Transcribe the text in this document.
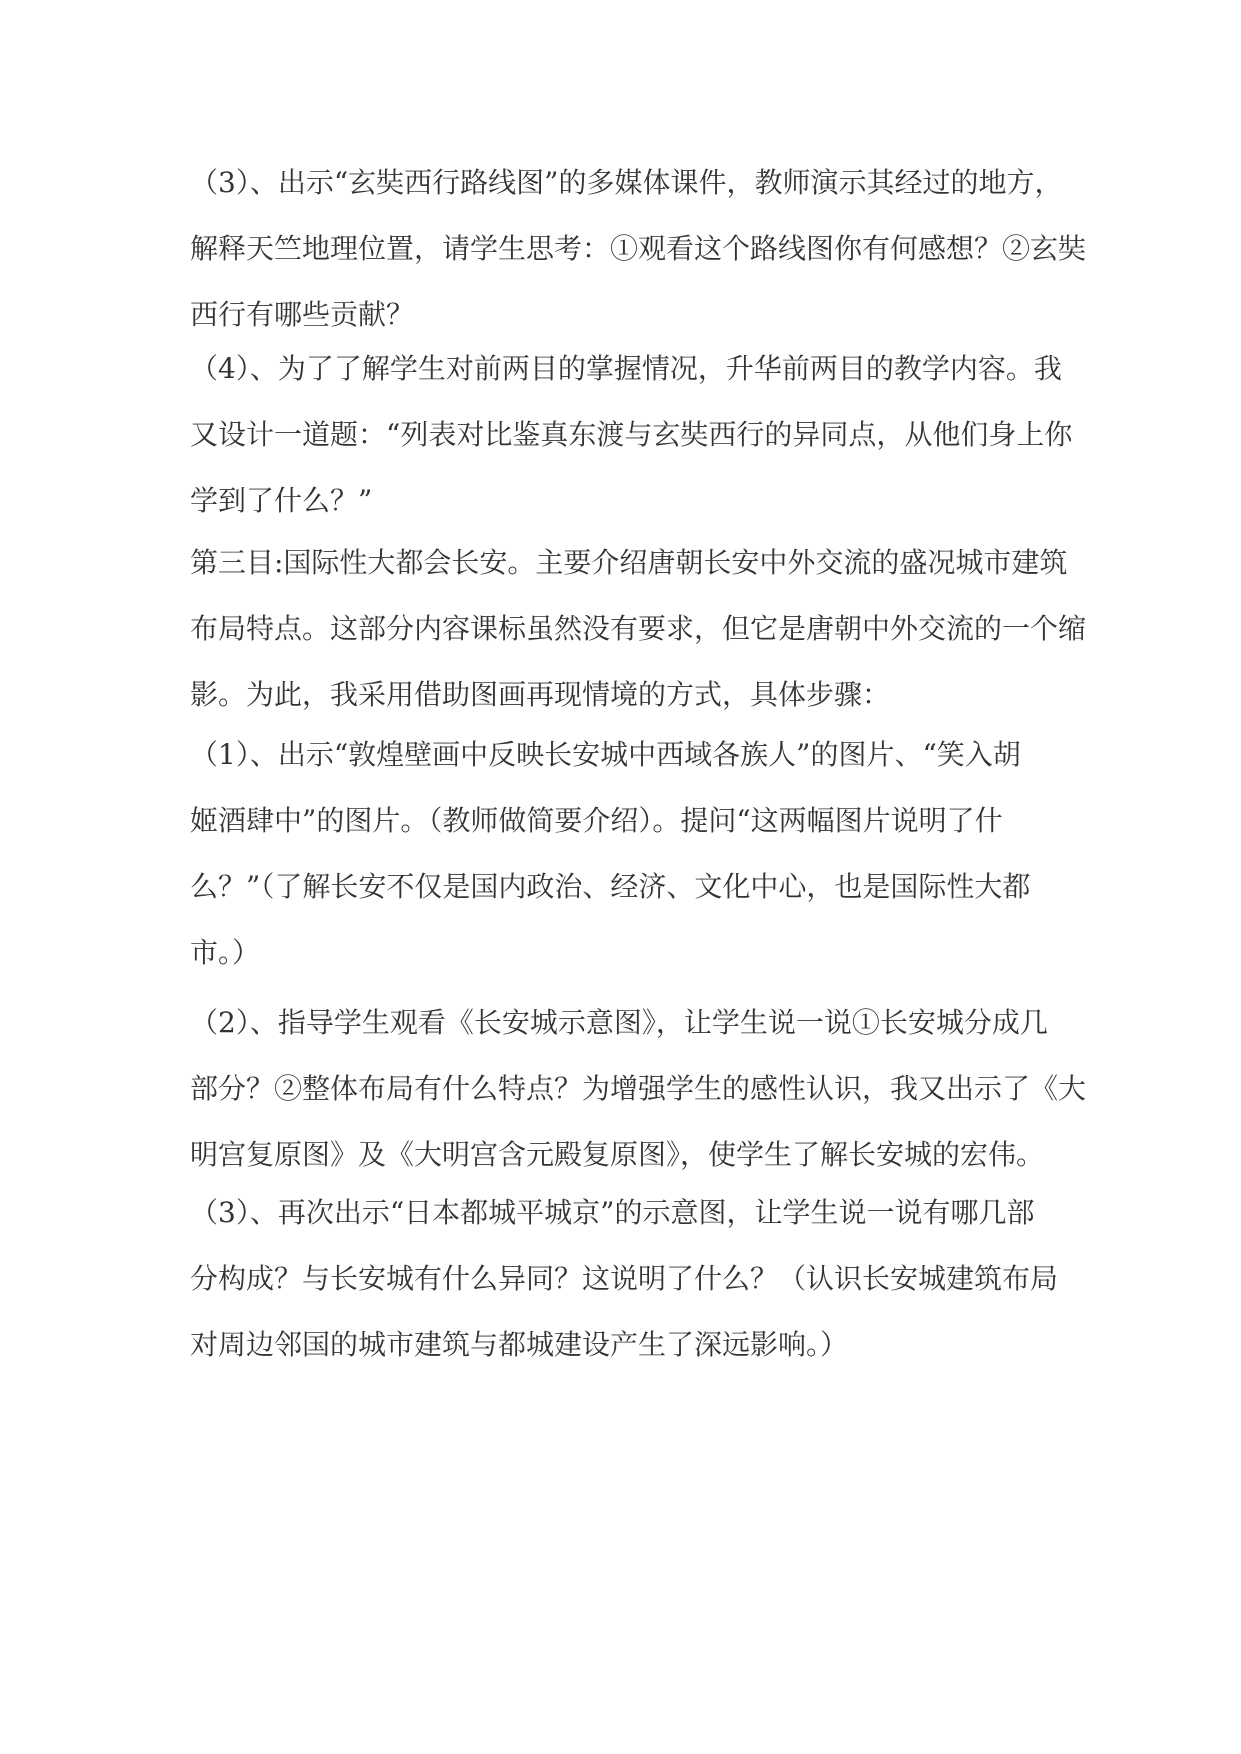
（3）、出示“玄奘西行路线图”的多媒体课件，教师演示其经过的地方，
解释天竺地理位置，请学生思考：①观看这个路线图你有何感想？②玄奘
西行有哪些贡献？
（4）、为了了解学生对前两目的掌握情况，升华前两目的教学内容。我
又设计一道题：“列表对比鉴真东渡与玄奘西行的异同点，从他们身上你
学到了什么？”
第三目:国际性大都会长安。主要介绍唐朝长安中外交流的盛况城市建筑
布局特点。这部分内容课标虽然没有要求，但它是唐朝中外交流的一个缩
影。为此，我采用借助图画再现情境的方式，具体步骤：
（1）、出示“敦煌壁画中反映长安城中西域各族人”的图片、“笑入胡
姬酒肆中”的图片。（教师做简要介绍）。提问“这两幅图片说明了什
么？”（了解长安不仅是国内政治、经济、文化中心，也是国际性大都
市。）
（2）、指导学生观看《长安城示意图》，让学生说一说①长安城分成几
部分？②整体布局有什么特点？为增强学生的感性认识，我又出示了《大
明宫复原图》及《大明宫含元殿复原图》，使学生了解长安城的宏伟。
（3）、再次出示“日本都城平城京”的示意图，让学生说一说有哪几部
分构成？与长安城有什么异同？这说明了什么？（认识长安城建筑布局
对周边邻国的城市建筑与都城建设产生了深远影响。）
